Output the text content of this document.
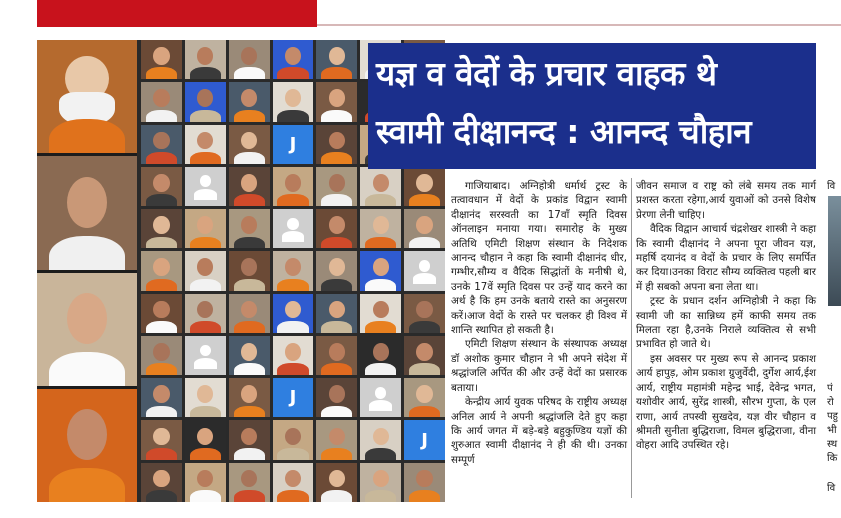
J
J
J
यज्ञ व वेदों के प्रचार वाहक थे
स्वामी दीक्षानन्द : आनन्द चौहान

गाजियाबाद। अग्निहोत्री धर्मार्थ ट्रस्ट के तत्वावधान में वेदों के प्रकांड विद्वान स्वामी दीक्षानंद सरस्वती का 17वाँ स्मृति दिवस ऑनलाइन मनाया गया। समारोह के मुख्य अतिथि एमिटी शिक्षण संस्थान के निदेशक आनन्द चौहान ने कहा कि स्वामी दीक्षानंद धीर, गम्भीर,सौम्य व वैदिक सिद्धांतों के मनीषी थे, उनके 17वें स्मृति दिवस पर उन्हें याद करने का अर्थ है कि हम उनके बताये रास्ते का अनुसरण करें।आज वेदों के रास्ते पर चलकर ही विश्व में शान्ति स्थापित हो सकती है।

एमिटी शिक्षण संस्थान के संस्थापक अध्यक्ष डॉ अशोक कुमार चौहान ने भी अपने संदेश में श्रद्धांजलि अर्पित की और उन्हें वेदों का प्रसारक बताया।

केन्द्रीय आर्य युवक परिषद के राष्ट्रीय अध्यक्ष अनिल आर्य ने अपनी श्रद्धांजलि देते हुए कहा कि आर्य जगत में बड़े-बड़े बहुकुण्डिय यज्ञों की शुरुआत स्वामी दीक्षानंद ने ही की थी। उनका सम्पूर्ण

जीवन समाज व राष्ट्र को लंबे समय तक मार्ग प्रशस्त करता रहेगा,आर्य युवाओं को उनसे विशेष प्रेरणा लेनी चाहिए।

वैदिक विद्वान आचार्य चंद्रशेखर शास्त्री ने कहा कि स्वामी दीक्षानंद ने अपना पूरा जीवन यज्ञ, महर्षि दयानंद व वेदों के प्रचार के लिए समर्पित कर दिया।उनका विराट सौम्य व्यक्तित्व पहली बार में ही सबको अपना बना लेता था।

ट्रस्ट के प्रधान दर्शन अग्निहोत्री ने कहा कि स्वामी जी का सान्निध्य हमें काफी समय तक मिलता रहा है,उनके निराले व्यक्तित्व से सभी प्रभावित हो जाते थे।

इस अवसर पर मुख्य रूप से आनन्द प्रकाश आर्य हापुड़, ओम प्रकाश ग्रुजुर्वेदी, दुर्गेश आर्य,ईश आर्य, राष्ट्रीय महामंत्री महेन्द्र भाई, देवेन्द्र भगत, यशोवीर आर्य, सुरेंद्र शास्त्री, सौरभ गुप्ता, के एल राणा, आर्य तपस्वी सुखदेव, यज्ञ वीर चौहान व श्रीमती सुनीता बुद्धिराजा, विमल बुद्धिराजा, वीना वोहरा आदि उपस्थित रहे।

वि
पं
रो
पहु
भी
स्थ
कि
वि
